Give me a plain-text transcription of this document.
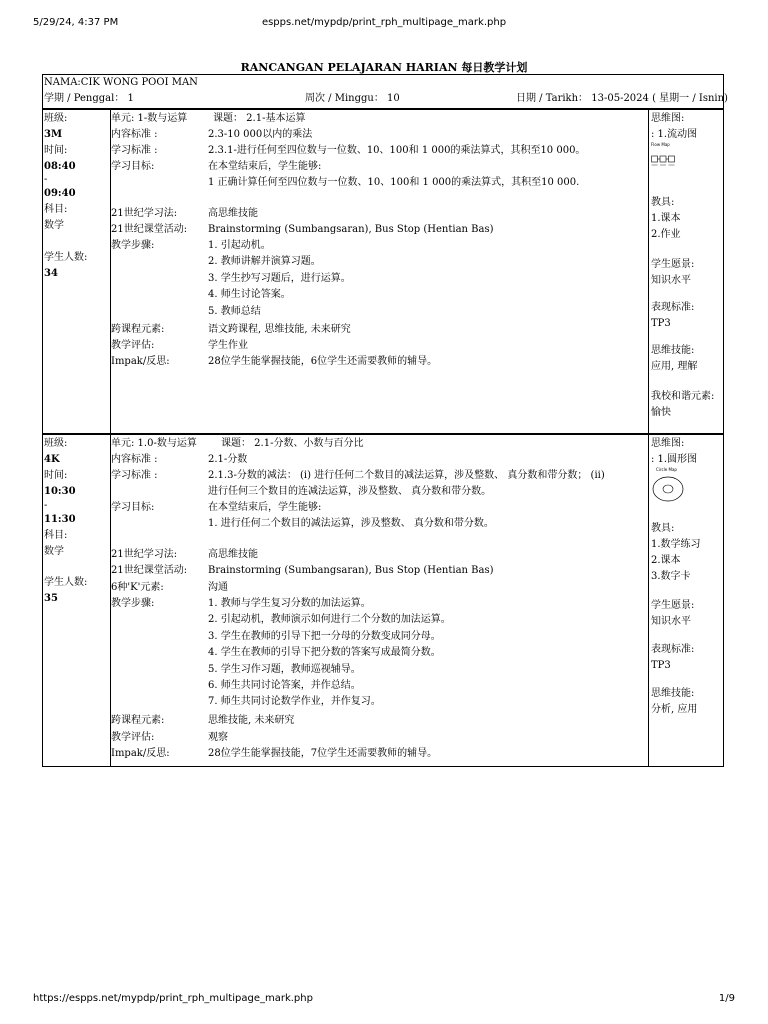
5/29/24, 4:37 PM	espps.net/mypdp/print_rph_multipage_mark.php
https://espps.net/mypdp/print_rph_multipage_mark.php	1/9
RANCANGAN PELAJARAN HARIAN 每日教学计划
NAMA:CIK WONG POOI MAN
学期 / Penggal： 1	周次 / Minggu： 10	日期 / Tarikh： 13-05-2024 ( 星期一 / Isnin)
班级:
3M
时间:
08:40
-
09:40
科目:
数学
学生人数:
34
单元: 1-数与运算	课题： 2.1-基本运算
内容标准 :	2.3-10 000以内的乘法
学习标准 :	2.3.1-进行任何至四位数与一位数、10、100和 1 000的乘法算式，其积至10 000。
学习目标:	在本堂结束后，学生能够:
1 正确计算任何至四位数与一位数、10、100和 1 000的乘法算式，其积至10 000.
21世纪学习法:	高思维技能
21世纪课堂活动:	Brainstorming (Sumbangsaran), Bus Stop (Hentian Bas)
教学步骤:	1. 引起动机。
2. 教师讲解并演算习题。
3. 学生抄写习题后，进行运算。
4. 师生讨论答案。
5. 教师总结
跨课程元素:	语文跨课程, 思维技能, 未来研究
教学评估:	学生作业
Impak/反思:	28位学生能掌握技能，6位学生还需要教师的辅导。
思维图:
: 1.流动图
Flow Map
教具:
1.课本
2.作业
学生愿景:
知识水平
表现标准:
TP3
思维技能:
应用, 理解
我校和谐元素:
愉快
班级:
4K
时间:
10:30
-
11:30
科目:
数学
学生人数:
35
单元: 1.0-数与运算	课题： 2.1-分数、小数与百分比
内容标准 :	2.1-分数
学习标准 :	2.1.3-分数的减法： (i) 进行任何二个数目的减法运算，涉及整数、 真分数和带分数； (ii)
进行任何三个数目的连减法运算，涉及整数、 真分数和带分数。
学习目标:	在本堂结束后，学生能够:
1. 进行任何二个数目的减法运算，涉及整数、 真分数和带分数。
21世纪学习法:	高思维技能
21世纪课堂活动:	Brainstorming (Sumbangsaran), Bus Stop (Hentian Bas)
6种'K'元素:	沟通
教学步骤:	1. 教师与学生复习分数的加法运算。
2. 引起动机，教师演示如何进行二个分数的加法运算。
3. 学生在教师的引导下把一分母的分数变成同分母。
4. 学生在教师的引导下把分数的答案写成最简分数。
5. 学生习作习题，教师巡视辅导。
6. 师生共同讨论答案，并作总结。
7. 师生共同讨论数学作业，并作复习。
跨课程元素:	思维技能, 未来研究
教学评估:	观察
Impak/反思:	28位学生能掌握技能，7位学生还需要教师的辅导。
思维图:
: 1.圆形图
Circle Map
教具:
1.数学练习
2.课本
3.数字卡
学生愿景:
知识水平
表现标准:
TP3
思维技能:
分析, 应用
